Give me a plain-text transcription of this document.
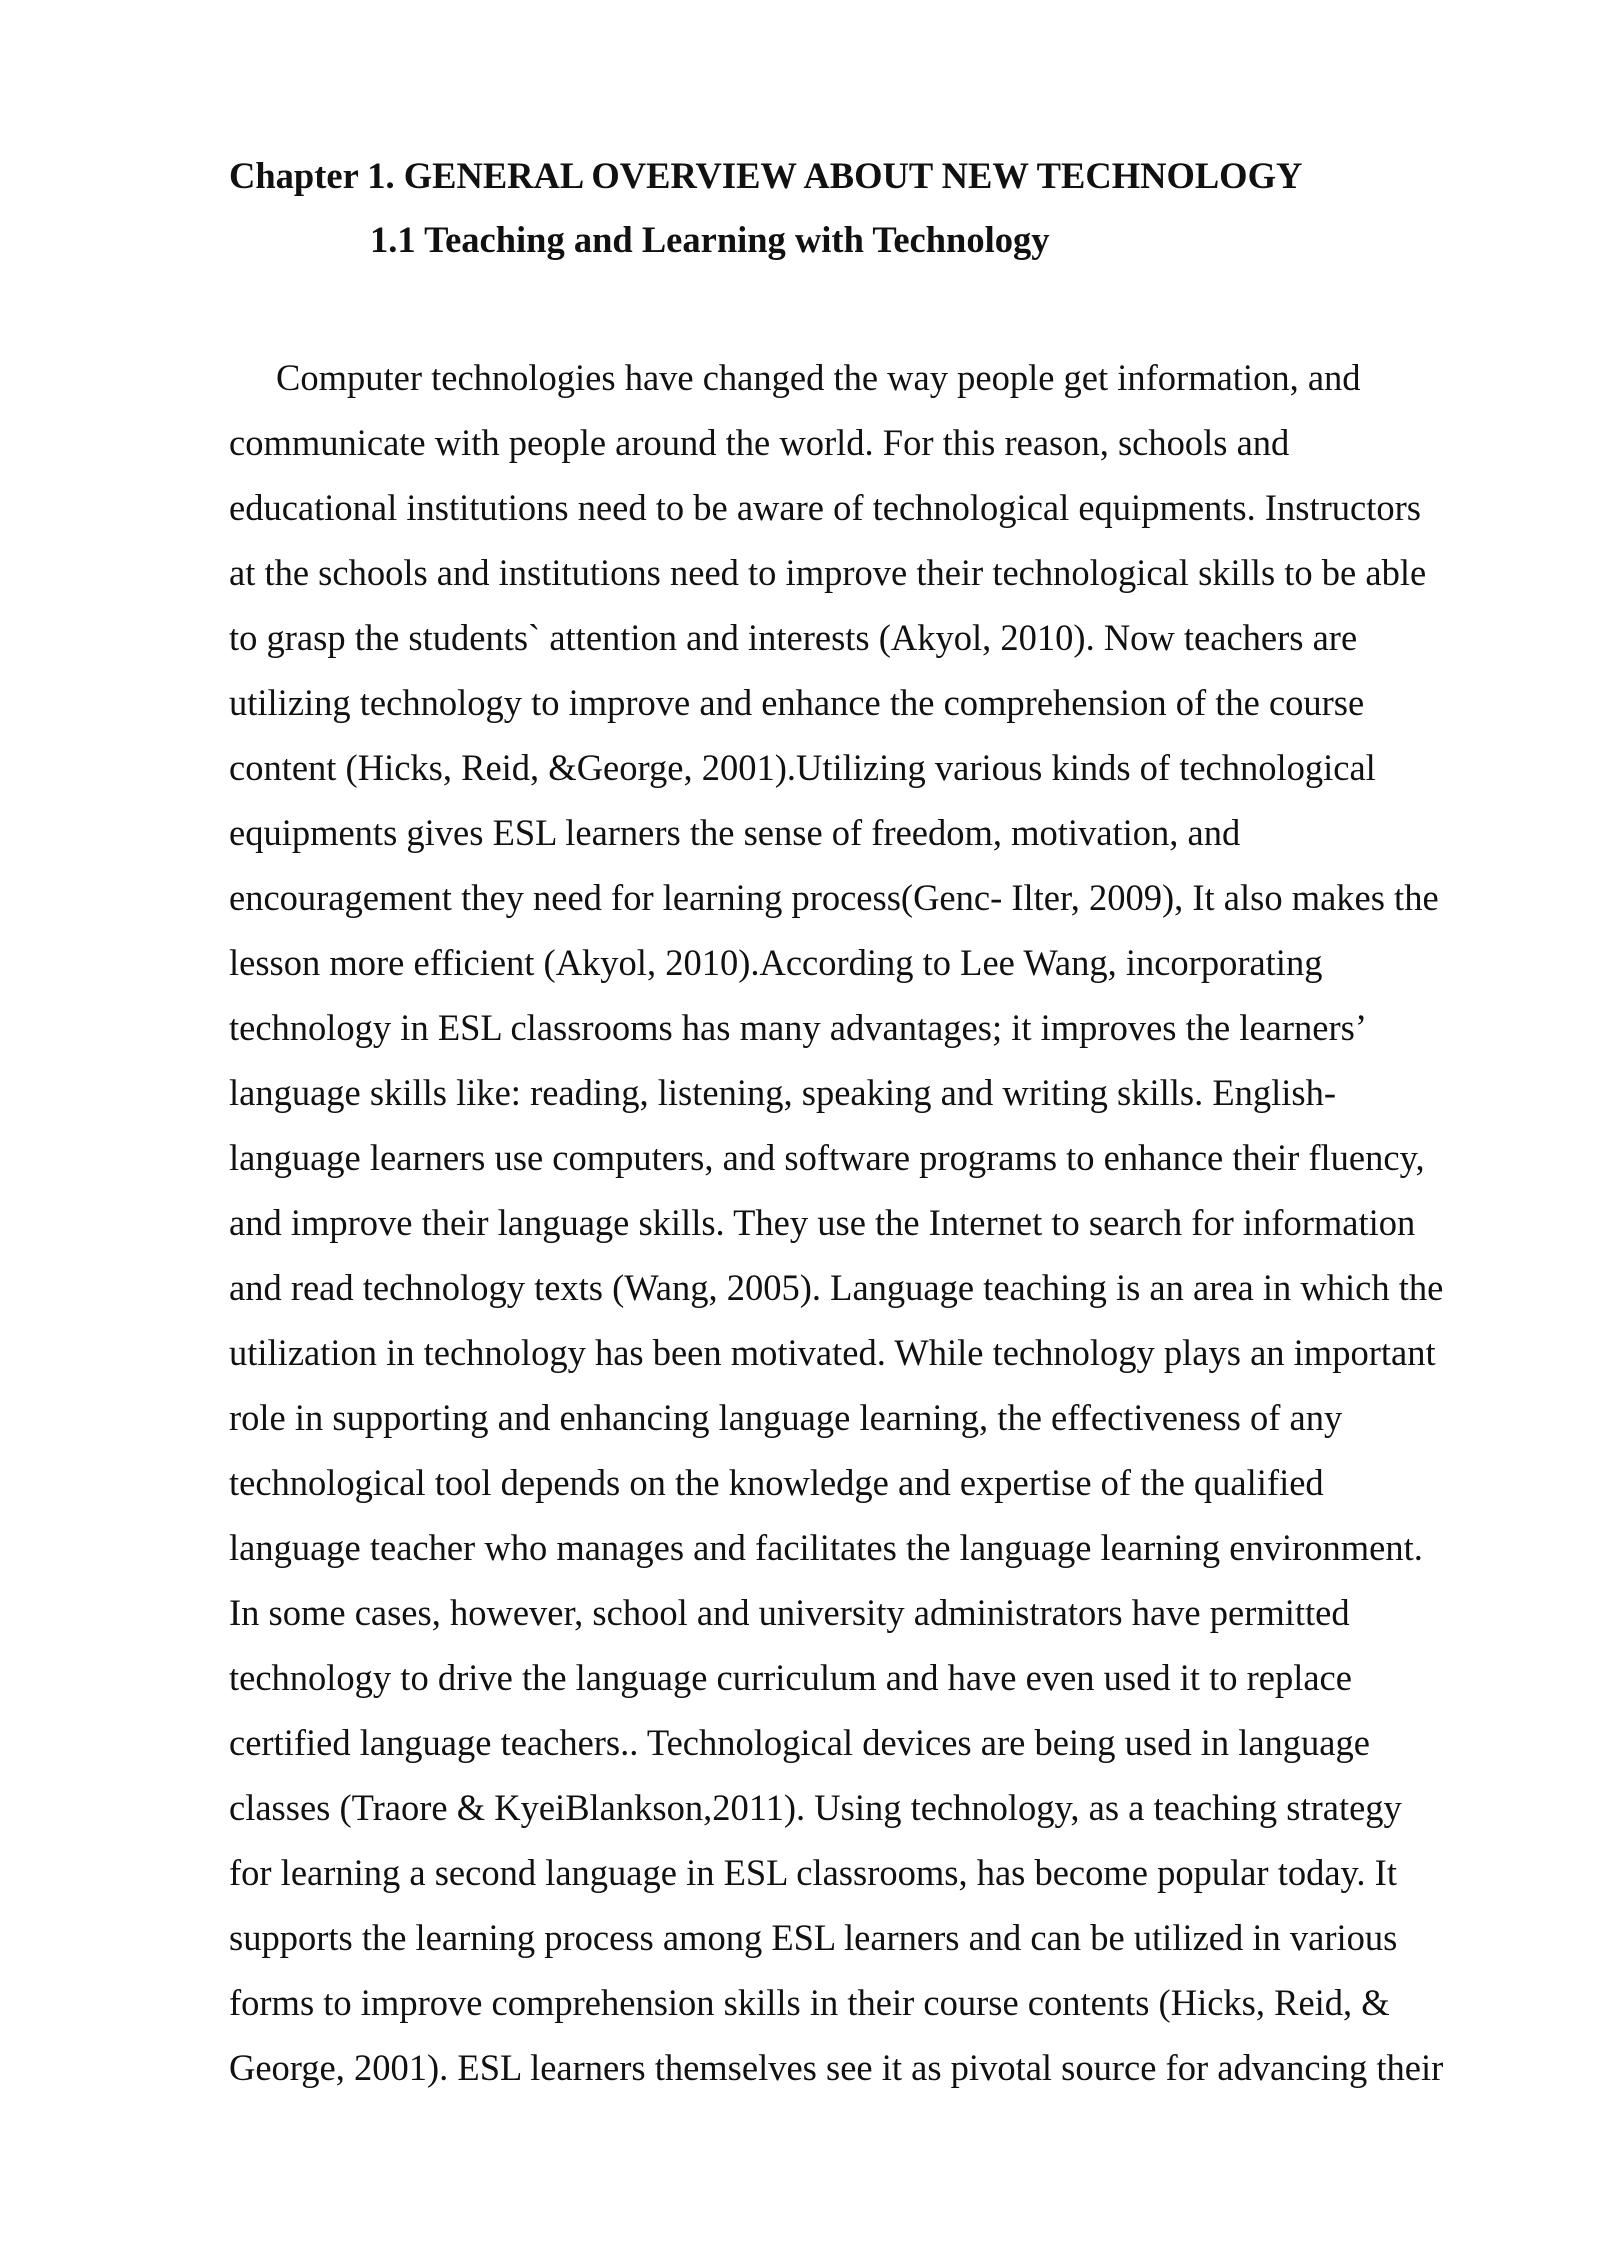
Chapter 1. GENERAL OVERVIEW ABOUT NEW TECHNOLOGY
1.1 Teaching and Learning with Technology
Computer technologies have changed the way people get information, and
communicate with people around the world. For this reason, schools and
educational institutions need to be aware of technological equipments. Instructors
at the schools and institutions need to improve their technological skills to be able
to grasp the students` attention and interests (Akyol, 2010). Now teachers are
utilizing technology to improve and enhance the comprehension of the course
content (Hicks, Reid, &George, 2001).Utilizing various kinds of technological
equipments gives ESL learners the sense of freedom, motivation, and
encouragement they need for learning process(Genc- Ilter, 2009), It also makes the
lesson more efficient (Akyol, 2010).According to Lee Wang, incorporating
technology in ESL classrooms has many advantages; it improves the learners’
language skills like: reading, listening, speaking and writing skills. English-
language learners use computers, and software programs to enhance their fluency,
and improve their language skills. They use the Internet to search for information
and read technology texts (Wang, 2005). Language teaching is an area in which the
utilization in technology has been motivated. While technology plays an important
role in supporting and enhancing language learning, the effectiveness of any
technological tool depends on the knowledge and expertise of the qualified
language teacher who manages and facilitates the language learning environment.
In some cases, however, school and university administrators have permitted
technology to drive the language curriculum and have even used it to replace
certified language teachers.. Technological devices are being used in language
classes (Traore & KyeiBlankson,2011). Using technology, as a teaching strategy
for learning a second language in ESL classrooms, has become popular today. It
supports the learning process among ESL learners and can be utilized in various
forms to improve comprehension skills in their course contents (Hicks, Reid, &
George, 2001). ESL learners themselves see it as pivotal source for advancing their
